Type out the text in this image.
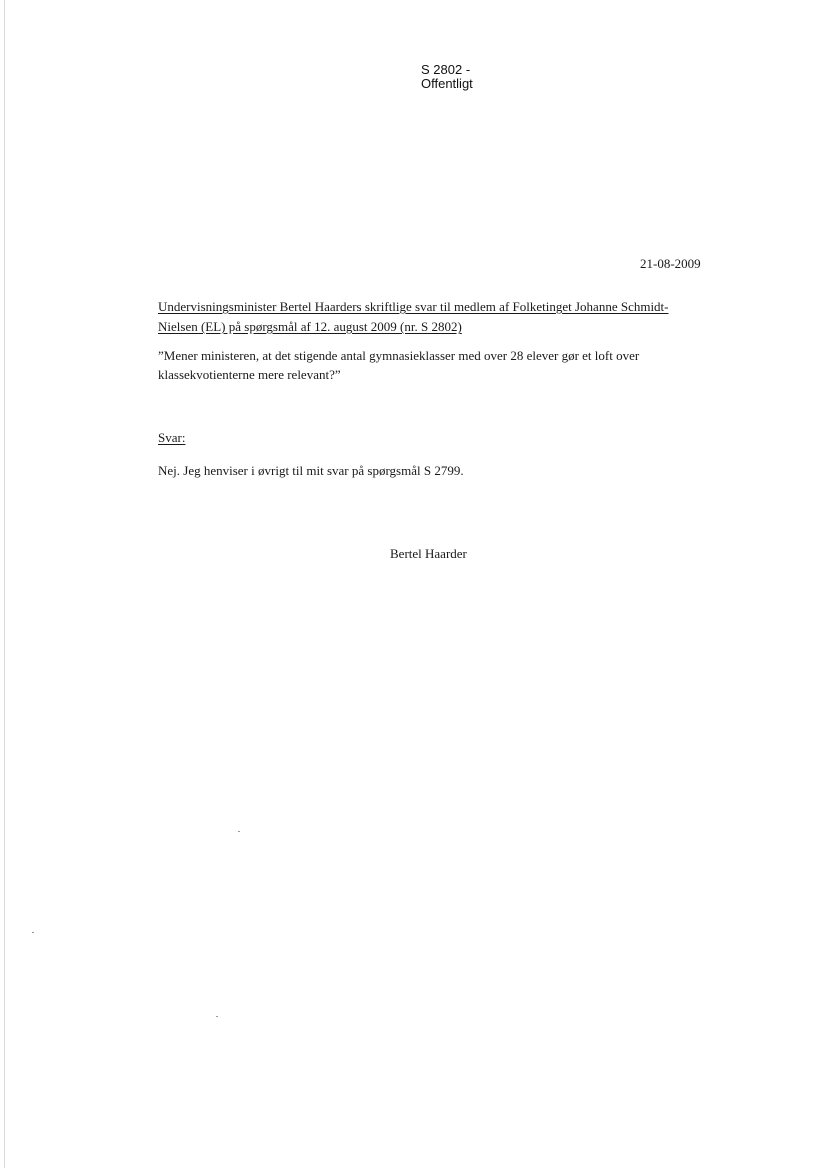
S 2802 -
Offentligt
21-08-2009
Undervisningsminister Bertel Haarders skriftlige svar til medlem af Folketinget Johanne Schmidt-Nielsen (EL) på spørgsmål af 12. august 2009 (nr. S 2802)
”Mener ministeren, at det stigende antal gymnasieklasser med over 28 elever gør et loft over klassekvotienterne mere relevant?”
Svar:
Nej. Jeg henviser i øvrigt til mit svar på spørgsmål S 2799.
Bertel Haarder
